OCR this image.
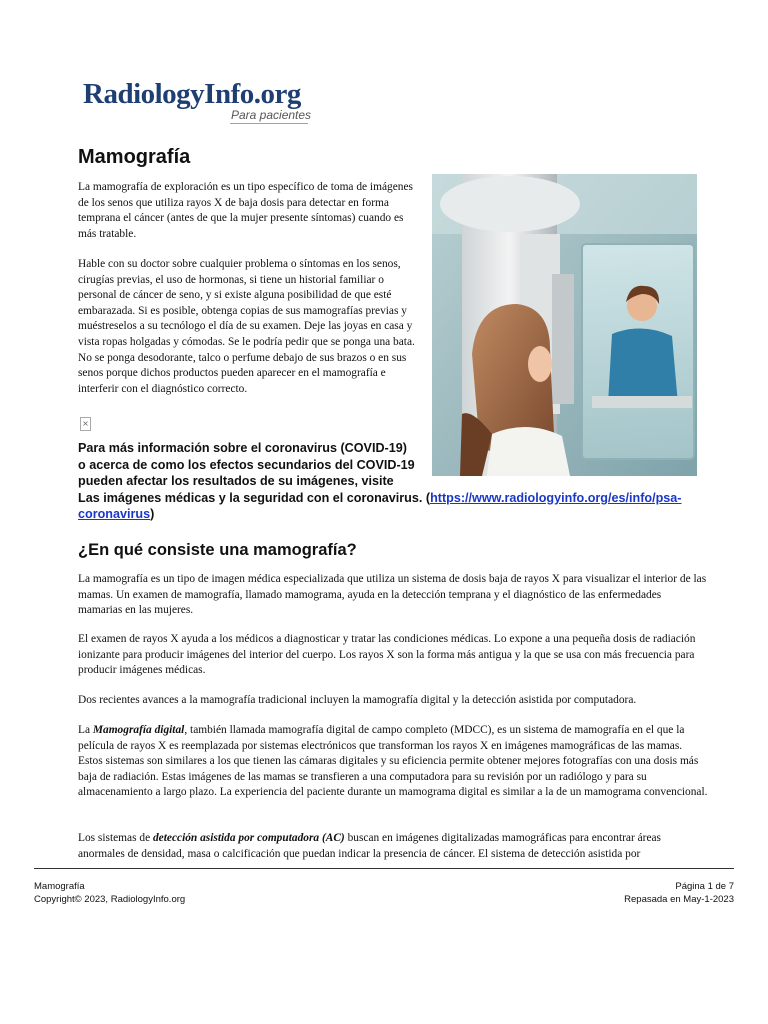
RadiologyInfo.org
Para pacientes
Mamografía

La mamografía de exploración es un tipo específico de toma de imágenes de los senos que utiliza rayos X de baja dosis para detectar en forma temprana el cáncer (antes de que la mujer presente síntomas) cuando es más tratable.

Hable con su doctor sobre cualquier problema o síntomas en los senos, cirugías previas, el uso de hormonas, si tiene un historial familiar o personal de cáncer de seno, y si existe alguna posibilidad de que esté embarazada. Si es posible, obtenga copias de sus mamografías previas y muéstreselos a su tecnólogo el día de su examen. Deje las joyas en casa y vista ropas holgadas y cómodas. Se le podría pedir que se ponga una bata. No se ponga desodorante, talco o perfume debajo de sus brazos o en sus senos porque dichos productos pueden aparecer en el mamografía e interferir con el diagnóstico correcto.

×
Para más información sobre el coronavirus (COVID-19)
o acerca de como los efectos secundarios del COVID-19
pueden afectar los resultados de su imágenes, visite
Las imágenes médicas y la seguridad con el coronavirus. (https://www.radiologyinfo.org/es/info/psa-
coronavirus)
¿En qué consiste una mamografía?

La mamografía es un tipo de imagen médica especializada que utiliza un sistema de dosis baja de rayos X para visualizar el interior de las mamas. Un examen de mamografía, llamado mamograma, ayuda en la detección temprana y el diagnóstico de las enfermedades mamarias en las mujeres.

El examen de rayos X ayuda a los médicos a diagnosticar y tratar las condiciones médicas. Lo expone a una pequeña dosis de radiación ionizante para producir imágenes del interior del cuerpo. Los rayos X son la forma más antigua y la que se usa con más frecuencia para producir imágenes médicas.

Dos recientes avances a la mamografía tradicional incluyen la mamografía digital y la detección asistida por computadora.

La Mamografía digital, también llamada mamografía digital de campo completo (MDCC), es un sistema de mamografía en el que la película de rayos X es reemplazada por sistemas electrónicos que transforman los rayos X en imágenes mamográficas de las mamas. Estos sistemas son similares a los que tienen las cámaras digitales y su eficiencia permite obtener mejores fotografías con una dosis más baja de radiación. Estas imágenes de las mamas se transfieren a una computadora para su revisión por un radiólogo y para su almacenamiento a largo plazo. La experiencia del paciente durante un mamograma digital es similar a la de un mamograma convencional.

Los sistemas de detección asistida por computadora (AC) buscan en imágenes digitalizadas mamográficas para encontrar áreas anormales de densidad, masa o calcificación que puedan indicar la presencia de cáncer. El sistema de detección asistida por

Mamografía
Copyright© 2023, RadiologyInfo.org
Página 1 de 7
Repasada en May-1-2023
